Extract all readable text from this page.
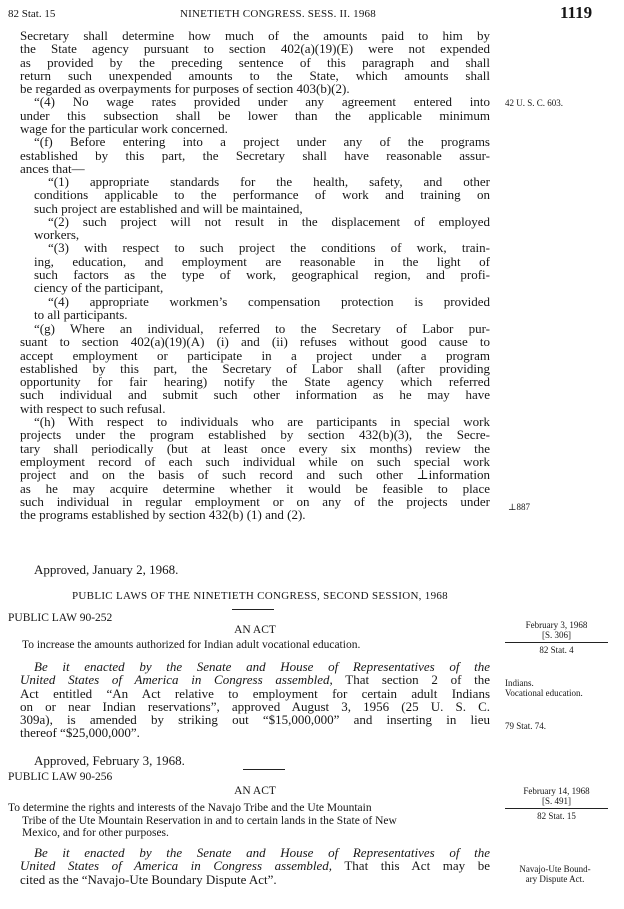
82 Stat. 15	NINETIETH CONGRESS. SESS. II. 1968	1119
Secretary shall determine how much of the amounts paid to him by
the State agency pursuant to section 402(a)(19)(E) were not expended
as provided by the preceding sentence of this paragraph and shall
return such unexpended amounts to the State, which amounts shall
be regarded as overpayments for purposes of section 403(b)(2).
“(4) No wage rates provided under any agreement entered into
under this subsection shall be lower than the applicable minimum
wage for the particular work concerned.
“(f) Before entering into a project under any of the programs
established by this part, the Secretary shall have reasonable assur-
ances that—
“(1) appropriate standards for the health, safety, and other
conditions applicable to the performance of work and training on
such project are established and will be maintained,
“(2) such project will not result in the displacement of employed
workers,
“(3) with respect to such project the conditions of work, train-
ing, education, and employment are reasonable in the light of
such factors as the type of work, geographical region, and profi-
ciency of the participant,
“(4) appropriate workmen’s compensation protection is provided
to all participants.
“(g) Where an individual, referred to the Secretary of Labor pur-
suant to section 402(a)(19)(A) (i) and (ii) refuses without good cause to
accept employment or participate in a project under a program
established by this part, the Secretary of Labor shall (after providing
opportunity for fair hearing) notify the State agency which referred
such individual and submit such other information as he may have
with respect to such refusal.
“(h) With respect to individuals who are participants in special work
projects under the program established by section 432(b)(3), the Secre-
tary shall periodically (but at least once every six months) review the
employment record of each such individual while on such special work
project and on the basis of such record and such other ⊥information
as he may acquire determine whether it would be feasible to place
such individual in regular employment or on any of the projects under
the programs established by section 432(b) (1) and (2).
Approved, January 2, 1968.
PUBLIC LAWS OF THE NINETIETH CONGRESS, SECOND SESSION, 1968
PUBLIC LAW 90-252
AN ACT
To increase the amounts authorized for Indian adult vocational education.
Be it enacted by the Senate and House of Representatives of the
United States of America in Congress assembled, That section 2 of the
Act entitled “An Act relative to employment for certain adult Indians
on or near Indian reservations”, approved August 3, 1956 (25 U. S. C.
309a), is amended by striking out “$15,000,000” and inserting in lieu
thereof “$25,000,000”.
Approved, February 3, 1968.
PUBLIC LAW 90-256
AN ACT
To determine the rights and interests of the Navajo Tribe and the Ute Mountain
Tribe of the Ute Mountain Reservation in and to certain lands in the State of New
Mexico, and for other purposes.
Be it enacted by the Senate and House of Representatives of the
United States of America in Congress assembled, That this Act may be
cited as the “Navajo-Ute Boundary Dispute Act”.
42 U. S. C. 603.
⊥887
February 3, 1968
[S. 306]
82 Stat. 4
Indians.
Vocational education.
79 Stat. 74.
February 14, 1968
[S. 491]
82 Stat. 15
Navajo-Ute Bound-
ary Dispute Act.
